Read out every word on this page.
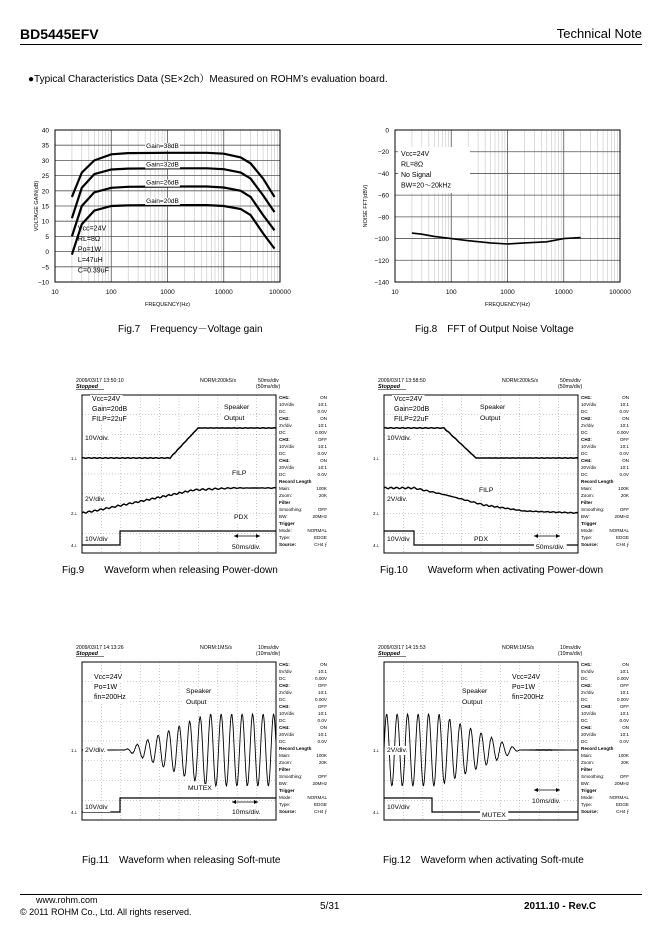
BD5445EFV	Technical Note
●Typical Characteristics Data (SE×2ch）Measured on ROHM’s evaluation board.
10	100	1000	10000	100000
40
35
30
25
20
15
10
5
0
−5
−10
FREQUENCY(Hz)
VOLTAGE GAIN(dB)
Gain=38dB
Gain=32dB
Gain=26dB
Gain=20dB
Vcc=24V
RL=8Ω
Po=1W
L=47uH
C=0.39uF
Fig.7　Frequency－Voltage gain
10	100	1000	10000	100000
0
−20
−40
−60
−80
−100
−120
−140
FREQUENCY(Hz)
NOISE FFT(dBV)
Vcc=24V
RL=8Ω
No Signal
BW=20～20kHz
Fig.8　FFT of Output Noise Voltage
2009/03/17 13:50:10
Stopped
NORM:200kS/s	50ms/div
(50ms/div)
CH1:	ON
10V/div	10:1
DC	0.0V
CH2:	ON
2V/div	10:1
DC	0.00V
CH3:	OFF
10V/div	10:1
DC	0.0V
CH4:	ON
20V/div	10:1
DC	0.0V
Record Length
Main:	100K
Zoom:	20K
Filter
Smoothing:	OFF
BW:	20MHz
Trigger
Mode:	NORMAL
Type:	EDGE
Source:	CH4 ⨍
1⊥
2⊥
4⊥
Vcc=24V
Gain=20dB
FILP=22uF
Speaker
Output
10V/div.
FILP
2V/div.
PDX
10V/div
50ms/div.
Fig.9　　Waveform when releasing Power-down
2009/03/17 13:58:50
Stopped
NORM:200kS/s	50ms/div
(50ms/div)
CH1:	ON
10V/div	10:1
DC	0.0V
CH2:	ON
2V/div	10:1
DC	0.00V
CH3:	OFF
10V/div	10:1
DC	0.0V
CH4:	ON
20V/div	10:1
DC	0.0V
Record Length
Main:	100K
Zoom:	20K
Filter
Smoothing:	OFF
BW:	20MHz
Trigger
Mode:	NORMAL
Type:	EDGE
Source:	CH4 ⨍
1⊥
2⊥
4⊥
Vcc=24V
Gain=20dB
FILP=22uF
Speaker
Output
10V/div.
FILP
2V/div.
PDX
10V/div
50ms/div.
Fig.10　　Waveform when activating Power-down
2009/03/17 14:13:26
Stopped
NORM:1MS/s	10ms/div
(10ms/div)
CH1:	ON
5V/div	10:1
DC	0.00V
CH2:	OFF
2V/div	10:1
DC	0.00V
CH3:	OFF
10V/div	10:1
DC	0.0V
CH4:	ON
20V/div	10:1
DC	0.0V
Record Length
Main:	100K
Zoom:	20K
Filter
Smoothing:	OFF
BW:	20MHz
Trigger
Mode:	NORMAL
Type:	EDGE
Source:	CH4 ⨍
1⊥
4⊥
Vcc=24V
Po=1W
fin=200Hz
Speaker
Output
MUTEX
10ms/div.
2V/div.
10V/div
Fig.11　Waveform when releasing Soft-mute
2009/03/17 14:15:53
Stopped
NORM:1MS/s	10ms/div
(10ms/div)
CH1:	ON
5V/div	10:1
DC	0.00V
CH2:	OFF
2V/div	10:1
DC	0.00V
CH3:	OFF
10V/div	10:1
DC	0.0V
CH4:	ON
20V/div	10:1
DC	0.0V
Record Length
Main:	100K
Zoom:	20K
Filter
Smoothing:	OFF
BW:	20MHz
Trigger
Mode:	NORMAL
Type:	EDGE
Source:	CH4 ⨍
1⊥
4⊥
Vcc=24V
Po=1W
fin=200Hz
Speaker
Output
MUTEX
10ms/div.
2V/div.
10V/div
Fig.12　Waveform when activating Soft-mute
www.rohm.com
© 2011 ROHM Co., Ltd. All rights reserved.	5/31	2011.10 - Rev.C
